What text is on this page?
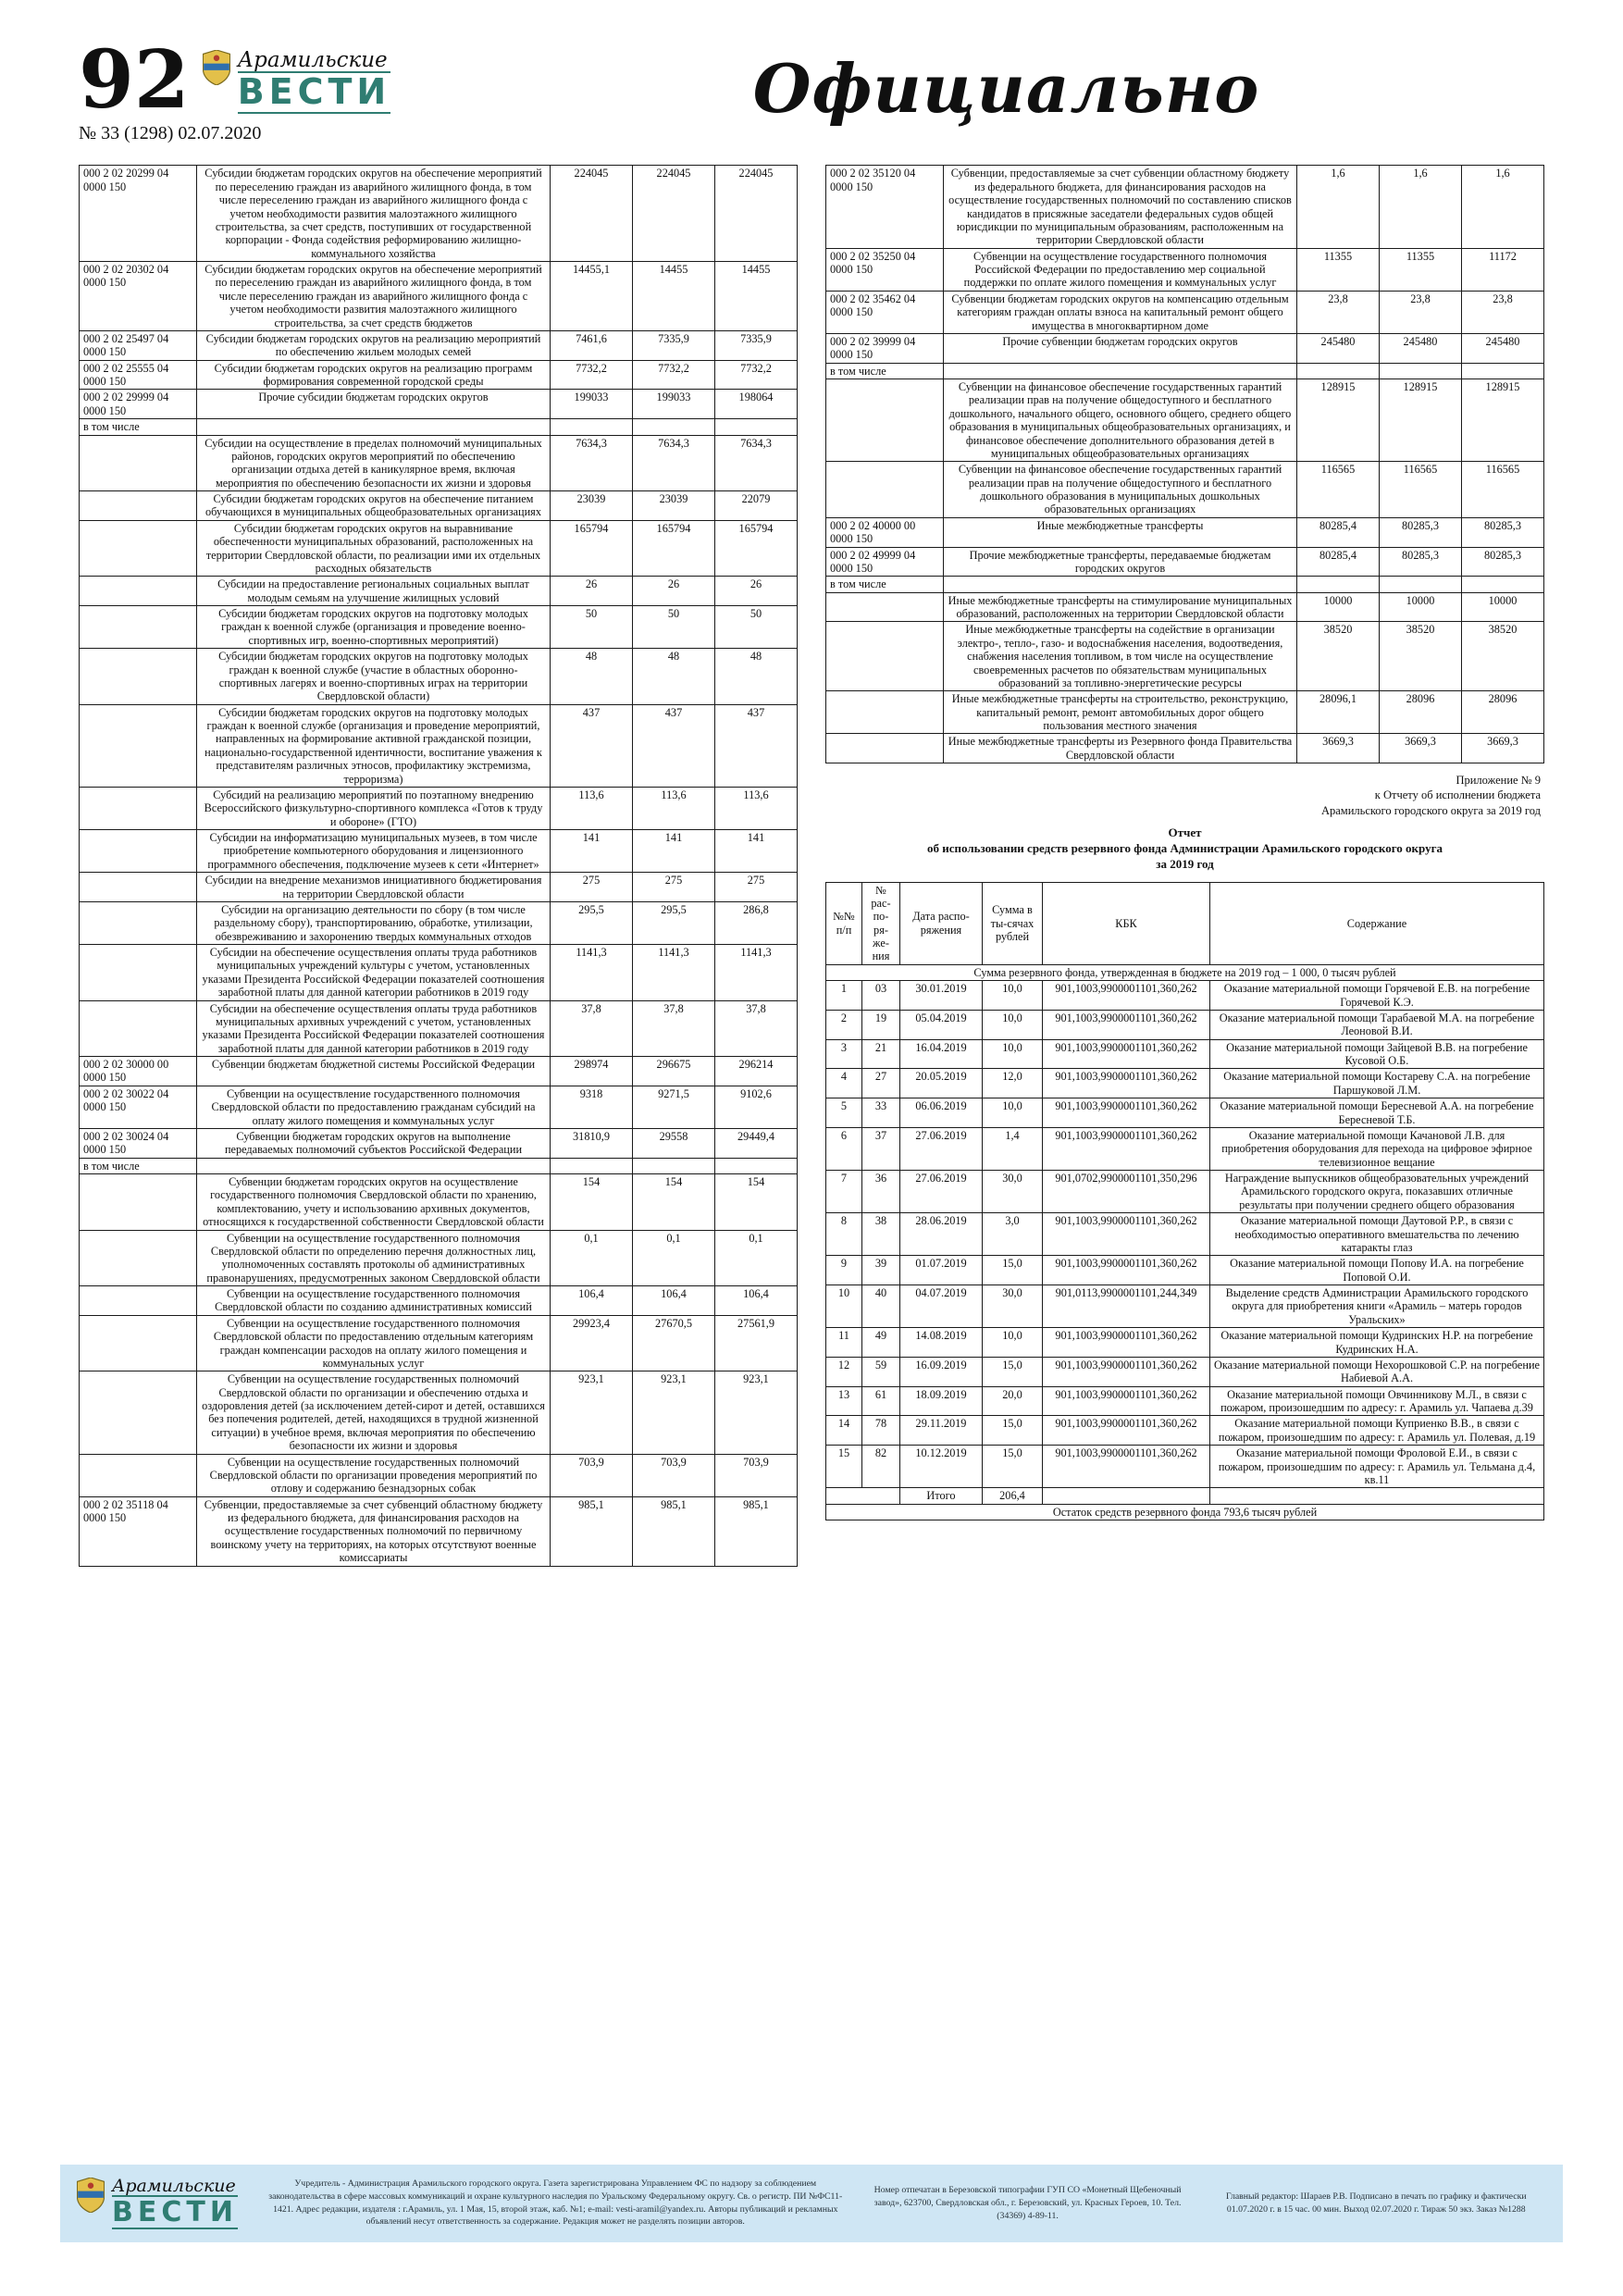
92 Арамильские
ВЕСТИ
№ 33 (1298) 02.07.2020
Официально
000 2 02 20299 04 0000 150	Субсидии бюджетам городских округов на обеспечение мероприятий по переселению граждан из аварийного жилищного фонда, в том числе переселению граждан из аварийного жилищного фонда с учетом необходимости развития малоэтажного жилищного строительства, за счет средств, поступивших от государственной корпорации - Фонда содействия реформированию жилищно-коммунального хозяйства	224045	224045	224045
000 2 02 20302 04 0000 150	Субсидии бюджетам городских округов на обеспечение мероприятий по переселению граждан из аварийного жилищного фонда, в том числе переселению граждан из аварийного жилищного фонда с учетом необходимости развития малоэтажного жилищного строительства, за счет средств бюджетов	14455,1	14455	14455
000 2 02 25497 04 0000 150	Субсидии бюджетам городских округов на реализацию мероприятий по обеспечению жильем молодых семей	7461,6	7335,9	7335,9
000 2 02 25555 04 0000 150	Субсидии бюджетам городских округов на реализацию программ формирования современной городской среды	7732,2	7732,2	7732,2
000 2 02 29999 04 0000 150	Прочие субсидии бюджетам городских округов	199033	199033	198064
в том числе				
	Субсидии на осуществление в пределах полномочий муниципальных районов, городских округов мероприятий по обеспечению организации отдыха детей в каникулярное время, включая мероприятия по обеспечению безопасности их жизни и здоровья	7634,3	7634,3	7634,3
	Субсидии бюджетам городских округов на обеспечение питанием обучающихся в муниципальных общеобразовательных организациях	23039	23039	22079
	Субсидии бюджетам городских округов на выравнивание обеспеченности муниципальных образований, расположенных на территории Свердловской области, по реализации ими их отдельных расходных обязательств	165794	165794	165794
	Субсидии на предоставление региональных социальных выплат молодым семьям на улучшение жилищных условий	26	26	26
	Субсидии бюджетам городских округов на подготовку молодых граждан к военной службе (организация и проведение военно-спортивных игр, военно-спортивных мероприятий)	50	50	50
	Субсидии бюджетам городских округов на подготовку молодых граждан к военной службе (участие в областных оборонно-спортивных лагерях и военно-спортивных играх на территории Свердловской области)	48	48	48
	Субсидии бюджетам городских округов на подготовку молодых граждан к военной службе (организация и проведение мероприятий, направленных на формирование активной гражданской позиции, национально-государственной идентичности, воспитание уважения к представителям различных этносов, профилактику экстремизма, терроризма)	437	437	437
	Субсидий на реализацию мероприятий по поэтапному внедрению Всероссийского физкультурно-спортивного комплекса «Готов к труду и обороне» (ГТО)	113,6	113,6	113,6
	Субсидии на информатизацию муниципальных музеев, в том числе приобретение компьютерного оборудования и лицензионного программного обеспечения, подключение музеев к сети «Интернет»	141	141	141
	Субсидии на внедрение механизмов инициативного бюджетирования на территории Свердловской области	275	275	275
	Субсидии на организацию деятельности по сбору (в том числе раздельному сбору), транспортированию, обработке, утилизации, обезвреживанию и захоронению твердых коммунальных отходов	295,5	295,5	286,8
	Субсидии на обеспечение осуществления оплаты труда работников муниципальных учреждений культуры с учетом, установленных указами Президента Российской Федерации показателей соотношения заработной платы для данной категории работников в 2019 году	1141,3	1141,3	1141,3
	Субсидии на обеспечение осуществления оплаты труда работников муниципальных архивных учреждений с учетом, установленных указами Президента Российской Федерации показателей соотношения заработной платы для данной категории работников в 2019 году	37,8	37,8	37,8
000 2 02 30000 00 0000 150	Субвенции бюджетам бюджетной системы Российской Федерации	298974	296675	296214
000 2 02 30022 04 0000 150	Субвенции на осуществление государственного полномочия Свердловской области по предоставлению гражданам субсидий на оплату жилого помещения и коммунальных услуг	9318	9271,5	9102,6
000 2 02 30024 04 0000 150	Субвенции бюджетам городских округов на выполнение передаваемых полномочий субъектов Российской Федерации	31810,9	29558	29449,4
в том числе				
	Субвенции бюджетам городских округов на осуществление государственного полномочия Свердловской области по хранению, комплектованию, учету и использованию архивных документов, относящихся к государственной собственности Свердловской области	154	154	154
	Субвенции на осуществление государственного полномочия Свердловской области по определению перечня должностных лиц, уполномоченных составлять протоколы об административных правонарушениях, предусмотренных законом Свердловской области	0,1	0,1	0,1
	Субвенции на осуществление государственного полномочия Свердловской области по созданию административных комиссий	106,4	106,4	106,4
	Субвенции на осуществление государственного полномочия Свердловской области по предоставлению отдельным категориям граждан компенсации расходов на оплату жилого помещения и коммунальных услуг	29923,4	27670,5	27561,9
	Субвенции на осуществление государственных полномочий Свердловской области по организации и обеспечению отдыха и оздоровления детей (за исключением детей-сирот и детей, оставшихся без попечения родителей, детей, находящихся в трудной жизненной ситуации) в учебное время, включая мероприятия по обеспечению безопасности их жизни и здоровья	923,1	923,1	923,1
	Субвенции на осуществление государственных полномочий Свердловской области по организации проведения мероприятий по отлову и содержанию безнадзорных собак	703,9	703,9	703,9
000 2 02 35118 04 0000 150	Субвенции, предоставляемые за счет субвенций областному бюджету из федерального бюджета, для финансирования расходов на осуществление государственных полномочий по первичному воинскому учету на территориях, на которых отсутствуют военные комиссариаты	985,1	985,1	985,1
000 2 02 35120 04 0000 150	Субвенции, предоставляемые за счет субвенции областному бюджету из федерального бюджета, для финансирования расходов на осуществление государственных полномочий по составлению списков кандидатов в присяжные заседатели федеральных судов общей юрисдикции по муниципальным образованиям, расположенным на территории Свердловской области	1,6	1,6	1,6
000 2 02 35250 04 0000 150	Субвенции на осуществление государственного полномочия Российской Федерации по предоставлению мер социальной поддержки по оплате жилого помещения и коммунальных услуг	11355	11355	11172
000 2 02 35462 04 0000 150	Субвенции бюджетам городских округов на компенсацию отдельным категориям граждан оплаты взноса на капитальный ремонт общего имущества в многоквартирном доме	23,8	23,8	23,8
000 2 02 39999 04 0000 150	Прочие субвенции бюджетам городских округов	245480	245480	245480
в том числе				
	Субвенции на финансовое обеспечение государственных гарантий реализации прав на получение общедоступного и бесплатного дошкольного, начального общего, основного общего, среднего общего образования в муниципальных общеобразовательных организациях, и финансовое обеспечение дополнительного образования детей в муниципальных общеобразовательных организациях	128915	128915	128915
	Субвенции на финансовое обеспечение государственных гарантий реализации прав на получение общедоступного и бесплатного дошкольного образования в муниципальных дошкольных образовательных организациях	116565	116565	116565
000 2 02 40000 00 0000 150	Иные межбюджетные трансферты	80285,4	80285,3	80285,3
000 2 02 49999 04 0000 150	Прочие межбюджетные трансферты, передаваемые бюджетам городских округов	80285,4	80285,3	80285,3
в том числе				
	Иные межбюджетные трансферты на стимулирование муниципальных образований, расположенных на территории Свердловской области	10000	10000	10000
	Иные межбюджетные трансферты на содействие в организации электро-, тепло-, газо- и водоснабжения населения, водоотведения, снабжения населения топливом, в том числе на осуществление своевременных расчетов по обязательствам муниципальных образований за топливно-энергетические ресурсы	38520	38520	38520
	Иные межбюджетные трансферты на строительство, реконструкцию, капитальный ремонт, ремонт автомобильных дорог общего пользования местного значения	28096,1	28096	28096
	Иные межбюджетные трансферты из Резервного фонда Правительства Свердловской области	3669,3	3669,3	3669,3
Приложение № 9
к Отчету об исполнении бюджета
Арамильского городского округа за 2019 год
Отчет
об использовании средств резервного фонда Администрации Арамильского городского округа
за 2019 год
№№ п/п	№ рас-по-ря-же-ния	Дата распо-ряжения	Сумма в ты-сячах рублей	КБК	Содержание
Сумма резервного фонда, утвержденная в бюджете на 2019 год – 1 000, 0 тысяч рублей					
1	03	30.01.2019	10,0	901,1003,9900001101,360,262	Оказание материальной помощи Горячевой Е.В. на погребение Горячевой К.Э.
2	19	05.04.2019	10,0	901,1003,9900001101,360,262	Оказание материальной помощи Тарабаевой М.А. на погребение Леоновой В.И.
3	21	16.04.2019	10,0	901,1003,9900001101,360,262	Оказание материальной помощи Зайцевой В.В. на погребение Кусовой О.Б.
4	27	20.05.2019	12,0	901,1003,9900001101,360,262	Оказание материальной помощи Костареву С.А. на погребение Паршуковой Л.М.
5	33	06.06.2019	10,0	901,1003,9900001101,360,262	Оказание материальной помощи Бересневой А.А. на погребение Бересневой Т.Б.
6	37	27.06.2019	1,4	901,1003,9900001101,360,262	Оказание материальной помощи Качановой Л.В. для приобретения оборудования для перехода на цифровое эфирное телевизионное вещание
7	36	27.06.2019	30,0	901,0702,9900001101,350,296	Награждение выпускников общеобразовательных учреждений Арамильского городского округа, показавших отличные результаты при получении среднего общего образования
8	38	28.06.2019	3,0	901,1003,9900001101,360,262	Оказание материальной помощи Даутовой Р.Р., в связи с необходимостью оперативного вмешательства по лечению катаракты глаз
9	39	01.07.2019	15,0	901,1003,9900001101,360,262	Оказание материальной помощи Попову И.А. на погребение Поповой О.И.
10	40	04.07.2019	30,0	901,0113,9900001101,244,349	Выделение средств Администрации Арамильского городского округа для приобретения книги «Арамиль – матерь городов Уральских»
11	49	14.08.2019	10,0	901,1003,9900001101,360,262	Оказание материальной помощи Кудринских Н.Р. на погребение Кудринских Н.А.
12	59	16.09.2019	15,0	901,1003,9900001101,360,262	Оказание материальной помощи Нехорошковой С.Р. на погребение Набиевой А.А.
13	61	18.09.2019	20,0	901,1003,9900001101,360,262	Оказание материальной помощи Овчинникову М.Л., в связи с пожаром, произошедшим по адресу: г. Арамиль ул. Чапаева д.39
14	78	29.11.2019	15,0	901,1003,9900001101,360,262	Оказание материальной помощи Куприенко В.В., в связи с пожаром, произошедшим по адресу: г. Арамиль ул. Полевая, д.19
15	82	10.12.2019	15,0	901,1003,9900001101,360,262	Оказание материальной помощи Фроловой Е.И., в связи с пожаром, произошедшим по адресу: г. Арамиль ул. Тельмана д.4, кв.11
		Итого	206,4		
Остаток средств резервного фонда 793,6 тысяч рублей					
Арамильские
ВЕСТИ
Учредитель - Администрация Арамильского городского округа. Газета зарегистрирована Управлением ФС по надзору за соблюдением законодательства в сфере массовых коммуникаций и охране культурного наследия по Уральскому Федеральному округу. Св. о регистр. ПИ №ФС11-1421. Адрес редакции, издателя : г.Арамиль, ул. 1 Мая, 15, второй этаж, каб. №1; e-mail: vesti-aramil@yandex.ru. Авторы публикаций и рекламных объявлений несут ответственность за содержание. Редакция может не разделять позиции авторов.
Номер отпечатан в Березовской типографии ГУП СО «Монетный Щебеночный завод», 623700, Свердловская обл., г. Березовский, ул. Красных Героев, 10. Тел. (34369) 4-89-11.
Главный редактор: Шараев Р.В. Подписано в печать по графику и фактически 01.07.2020 г. в 15 час. 00 мин. Выход 02.07.2020 г. Тираж 50 экз. Заказ №1288
